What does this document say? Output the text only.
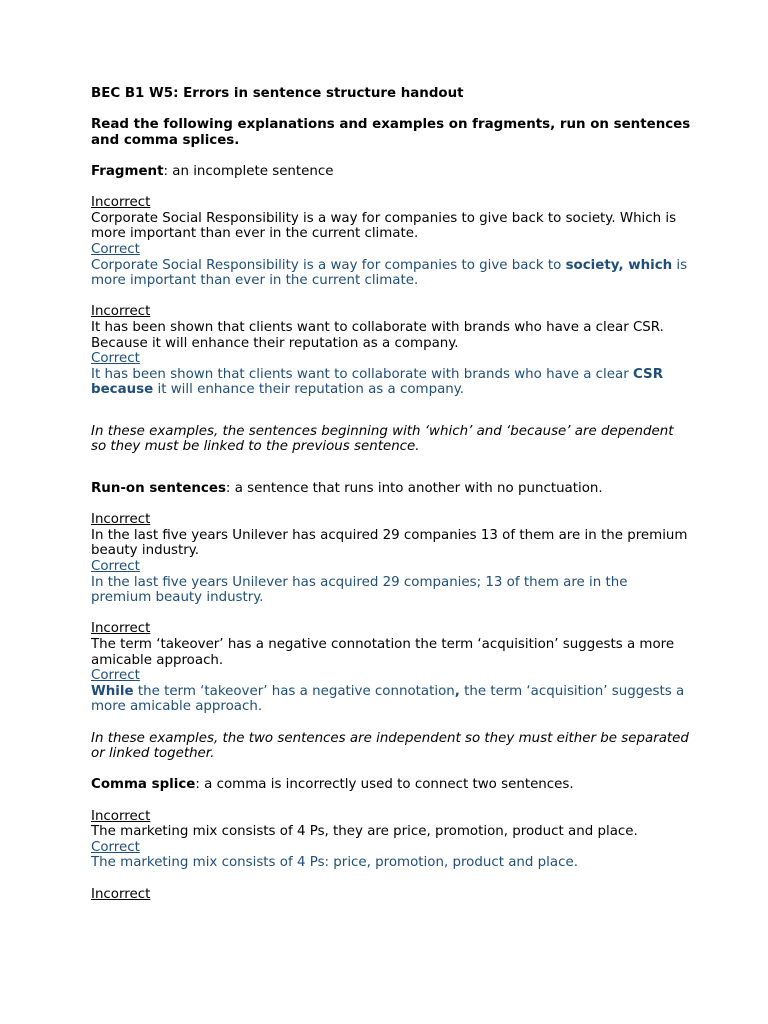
BEC B1 W5: Errors in sentence structure handout

Read the following explanations and examples on fragments, run on sentences and comma splices.

Fragment: an incomplete sentence

Incorrect

Corporate Social Responsibility is a way for companies to give back to society. Which is more important than ever in the current climate.

Correct

Corporate Social Responsibility is a way for companies to give back to society, which is more important than ever in the current climate.

Incorrect

It has been shown that clients want to collaborate with brands who have a clear CSR. Because it will enhance their reputation as a company.

Correct

It has been shown that clients want to collaborate with brands who have a clear CSR because it will enhance their reputation as a company.

In these examples, the sentences beginning with ‘which’ and ‘because’ are dependent so they must be linked to the previous sentence.

Run-on sentences: a sentence that runs into another with no punctuation.

Incorrect

In the last five years Unilever has acquired 29 companies 13 of them are in the premium beauty industry.

Correct

In the last five years Unilever has acquired 29 companies; 13 of them are in the premium beauty industry.

Incorrect

The term ‘takeover’ has a negative connotation the term ‘acquisition’ suggests a more amicable approach.

Correct

While the term ‘takeover’ has a negative connotation, the term ‘acquisition’ suggests a more amicable approach.

In these examples, the two sentences are independent so they must either be separated or linked together.

Comma splice: a comma is incorrectly used to connect two sentences.

Incorrect

The marketing mix consists of 4 Ps, they are price, promotion, product and place.

Correct

The marketing mix consists of 4 Ps: price, promotion, product and place.

Incorrect
